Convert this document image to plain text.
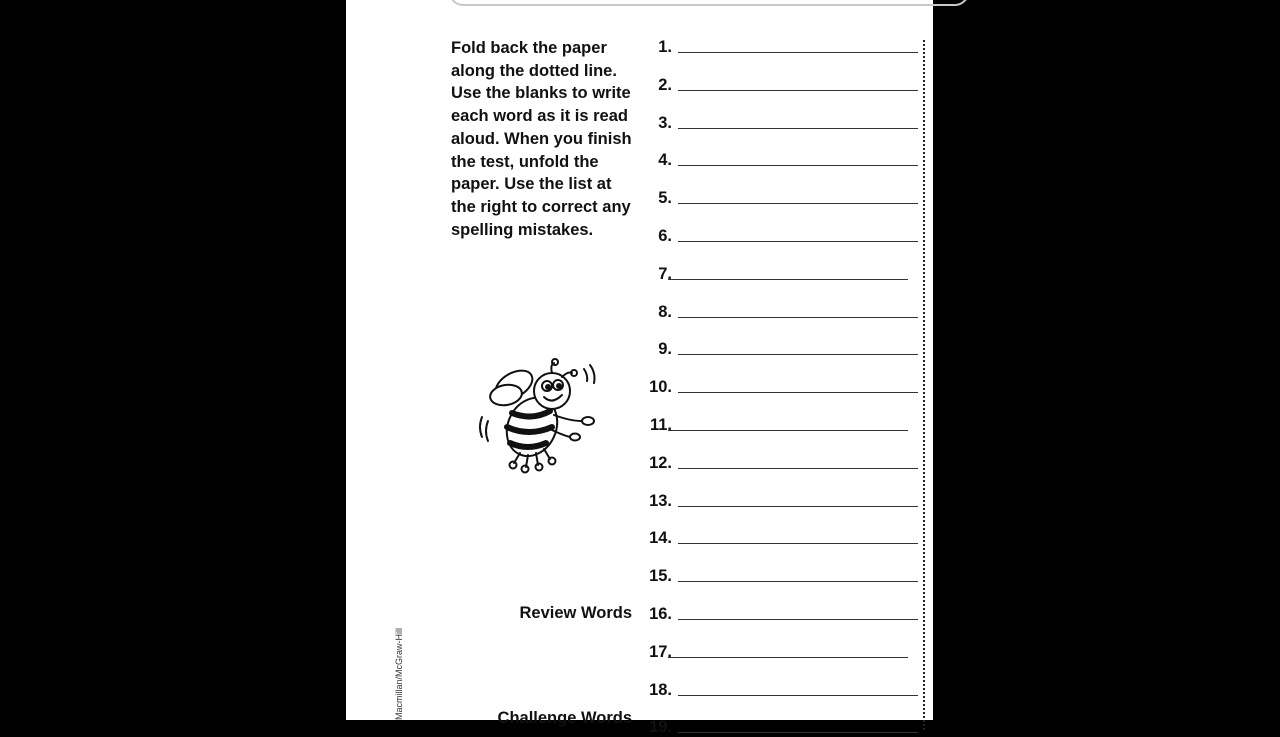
Fold back the paper along the dotted line. Use the blanks to write each word as it is read aloud. When you finish the test, unfold the paper. Use the list at the right to correct any spelling mistakes.

1.
2.
3.
4.
5.
6.
7.
8.
9.
10.
11.
12.
13.
14.
15.
16.
17.
18.
19.
Review Words
Challenge Words
Macmillan/McGraw-Hill
